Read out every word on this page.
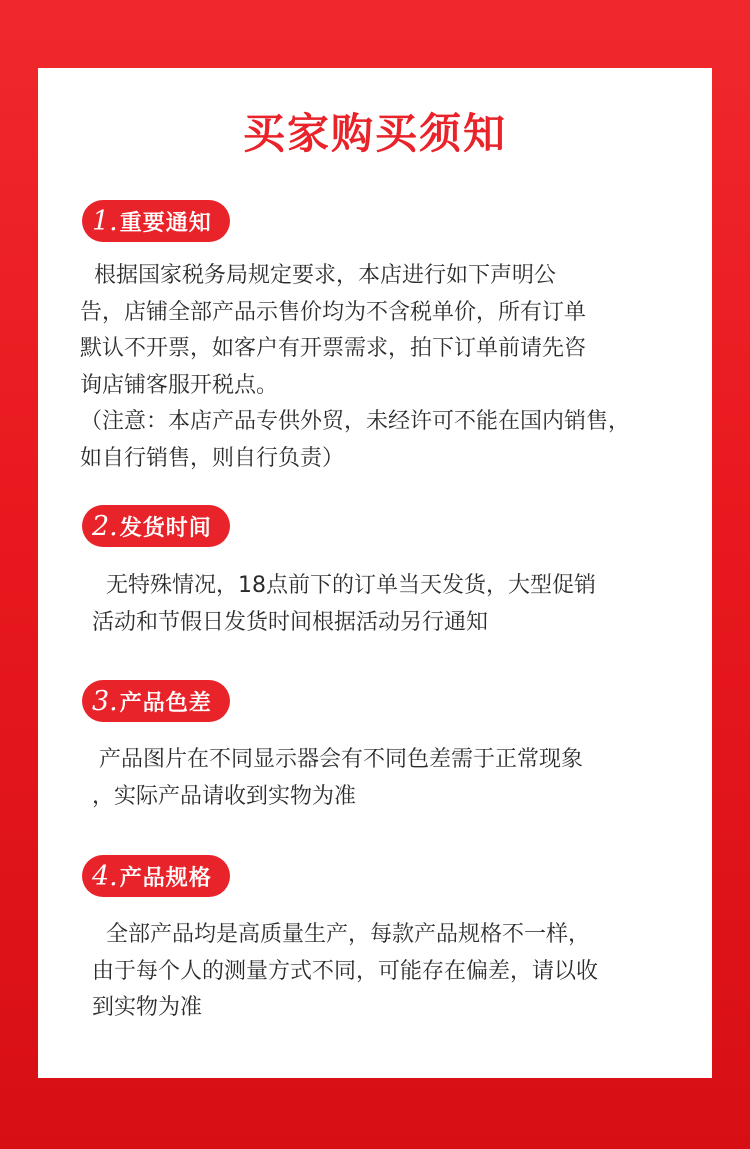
买家购买须知
1. 重要通知
根据国家税务局规定要求，本店进行如下声明公
告，店铺全部产品示售价均为不含税单价，所有订单
默认不开票，如客户有开票需求，拍下订单前请先咨
询店铺客服开税点。
（注意：本店产品专供外贸，未经许可不能在国内销售，
如自行销售，则自行负责）
2. 发货时间
无特殊情况，18点前下的订单当天发货，大型促销
活动和节假日发货时间根据活动另行通知
3. 产品色差
产品图片在不同显示器会有不同色差需于正常现象
，实际产品请收到实物为准
4. 产品规格
全部产品均是高质量生产，每款产品规格不一样，
由于每个人的测量方式不同，可能存在偏差，请以收
到实物为准
